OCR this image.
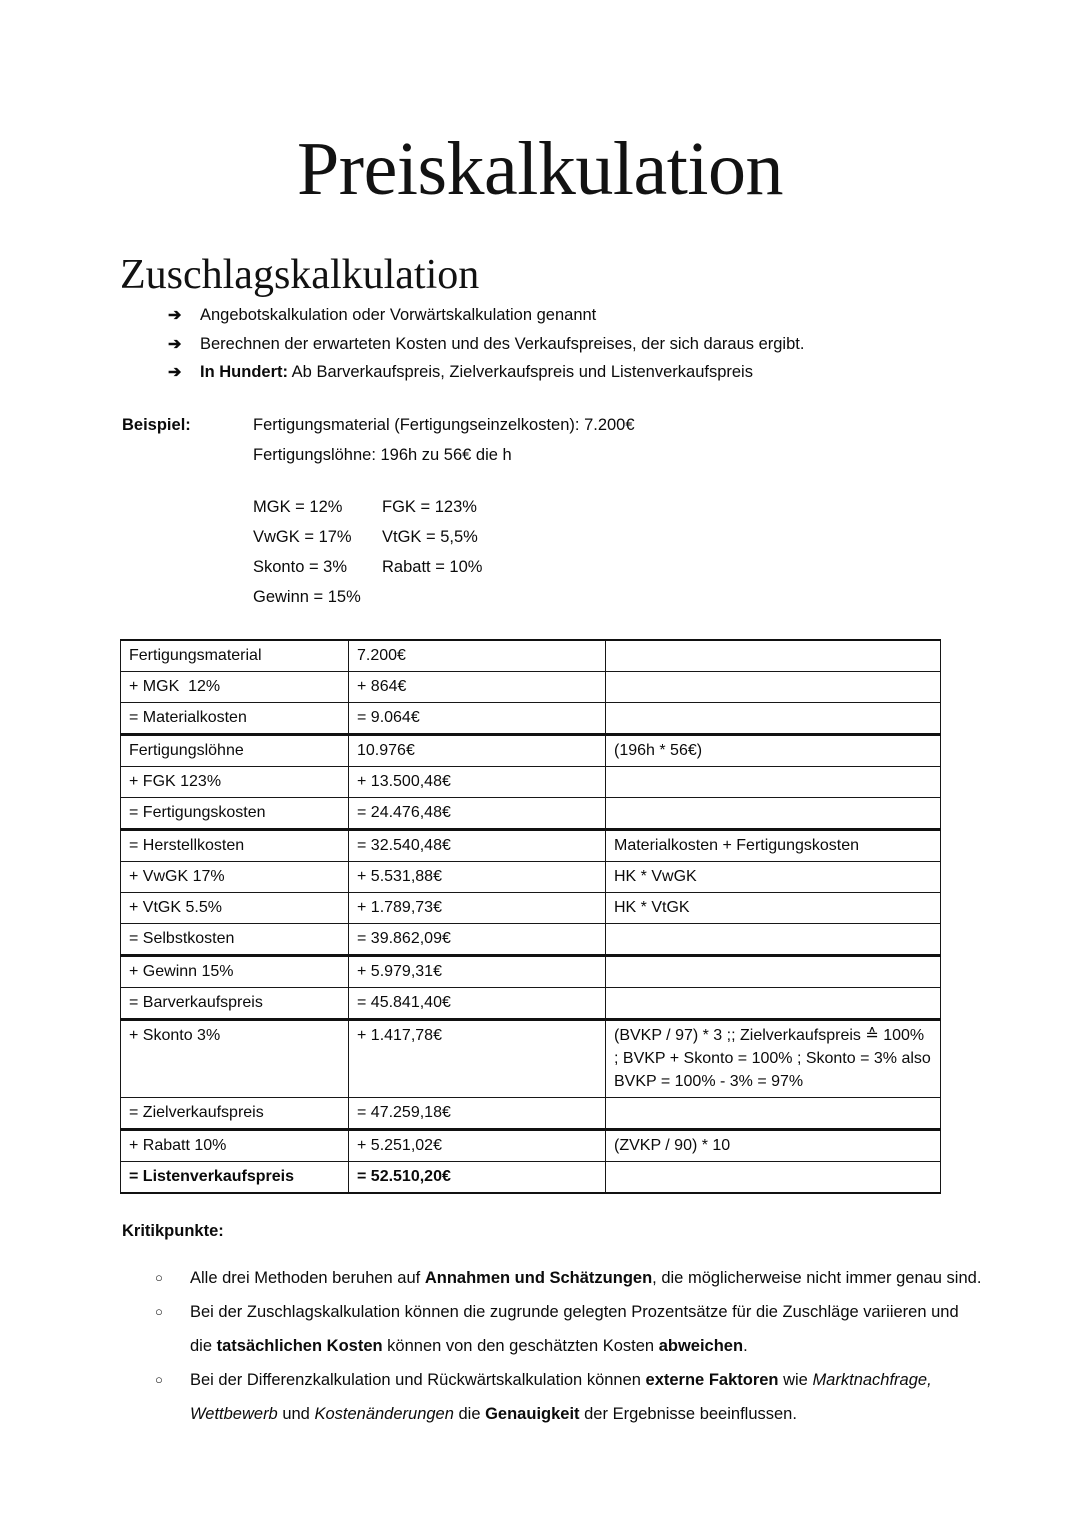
Preiskalkulation
Zuschlagskalkulation
➔ Angebotskalkulation oder Vorwärtskalkulation genannt
➔ Berechnen der erwarteten Kosten und des Verkaufspreises, der sich daraus ergibt.
➔ In Hundert: Ab Barverkaufspreis, Zielverkaufspreis und Listenverkaufspreis
Beispiel:	Fertigungsmaterial (Fertigungseinzelkosten): 7.200€
Fertigungslöhne: 196h zu 56€ die h
MGK = 12%	FGK = 123%
VwGK = 17%	VtGK = 5,5%
Skonto = 3%	Rabatt = 10%
Gewinn = 15%
Fertigungsmaterial	7.200€	
+ MGK  12%	+ 864€	
= Materialkosten	= 9.064€	
Fertigungslöhne	10.976€	(196h * 56€)
+ FGK 123%	+ 13.500,48€	
= Fertigungskosten	= 24.476,48€	
= Herstellkosten	= 32.540,48€	Materialkosten + Fertigungskosten
+ VwGK 17%	+ 5.531,88€	HK * VwGK
+ VtGK 5.5%	+ 1.789,73€	HK * VtGK
= Selbstkosten	= 39.862,09€	
+ Gewinn 15%	+ 5.979,31€	
= Barverkaufspreis	= 45.841,40€	
+ Skonto 3%	+ 1.417,78€	(BVKP / 97) * 3 ;; Zielverkaufspreis ≙ 100% ; BVKP + Skonto = 100% ; Skonto = 3% also BVKP = 100% - 3% = 97%
= Zielverkaufspreis	= 47.259,18€	
+ Rabatt 10%	+ 5.251,02€	(ZVKP / 90) * 10
= Listenverkaufspreis	= 52.510,20€	
Kritikpunkte:
○ Alle drei Methoden beruhen auf Annahmen und Schätzungen, die möglicherweise nicht immer genau sind.
○ Bei der Zuschlagskalkulation können die zugrunde gelegten Prozentsätze für die Zuschläge variieren und die tatsächlichen Kosten können von den geschätzten Kosten abweichen.
○ Bei der Differenzkalkulation und Rückwärtskalkulation können externe Faktoren wie Marktnachfrage, Wettbewerb und Kostenänderungen die Genauigkeit der Ergebnisse beeinflussen.
